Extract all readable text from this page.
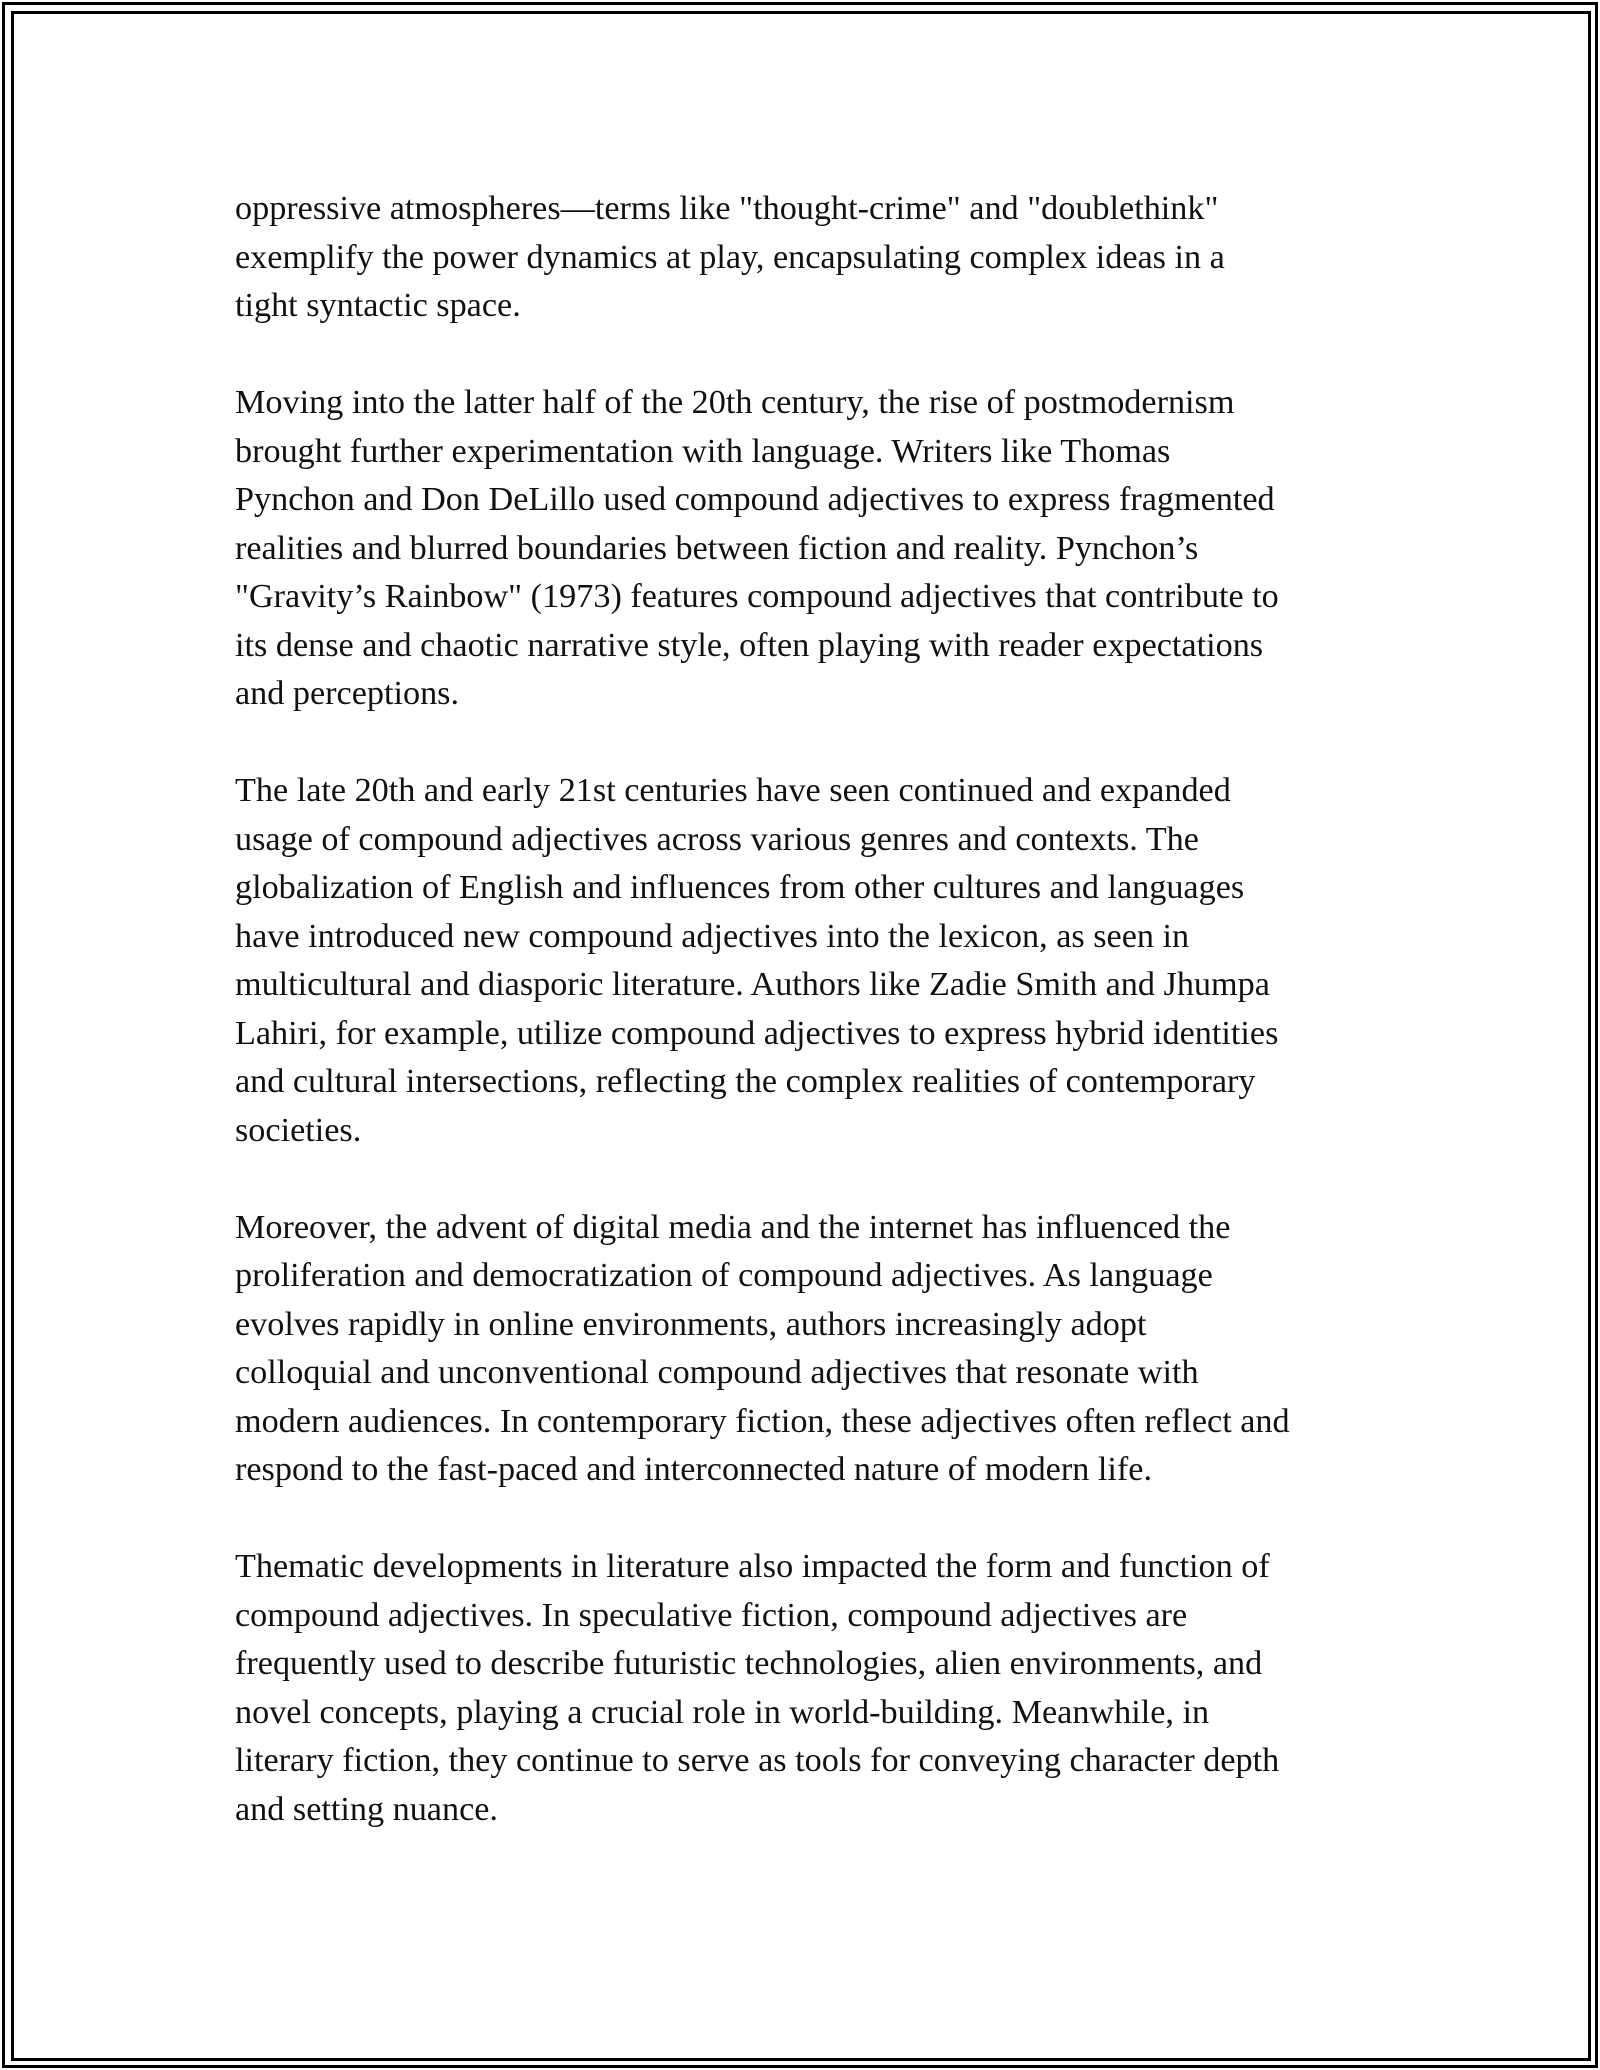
oppressive atmospheres—terms like "thought-crime" and "doublethink"
exemplify the power dynamics at play, encapsulating complex ideas in a
tight syntactic space.

Moving into the latter half of the 20th century, the rise of postmodernism
brought further experimentation with language. Writers like Thomas
Pynchon and Don DeLillo used compound adjectives to express fragmented
realities and blurred boundaries between fiction and reality. Pynchon’s
"Gravity’s Rainbow" (1973) features compound adjectives that contribute to
its dense and chaotic narrative style, often playing with reader expectations
and perceptions.

The late 20th and early 21st centuries have seen continued and expanded
usage of compound adjectives across various genres and contexts. The
globalization of English and influences from other cultures and languages
have introduced new compound adjectives into the lexicon, as seen in
multicultural and diasporic literature. Authors like Zadie Smith and Jhumpa
Lahiri, for example, utilize compound adjectives to express hybrid identities
and cultural intersections, reflecting the complex realities of contemporary
societies.

Moreover, the advent of digital media and the internet has influenced the
proliferation and democratization of compound adjectives. As language
evolves rapidly in online environments, authors increasingly adopt
colloquial and unconventional compound adjectives that resonate with
modern audiences. In contemporary fiction, these adjectives often reflect and
respond to the fast-paced and interconnected nature of modern life.

Thematic developments in literature also impacted the form and function of
compound adjectives. In speculative fiction, compound adjectives are
frequently used to describe futuristic technologies, alien environments, and
novel concepts, playing a crucial role in world-building. Meanwhile, in
literary fiction, they continue to serve as tools for conveying character depth
and setting nuance.
